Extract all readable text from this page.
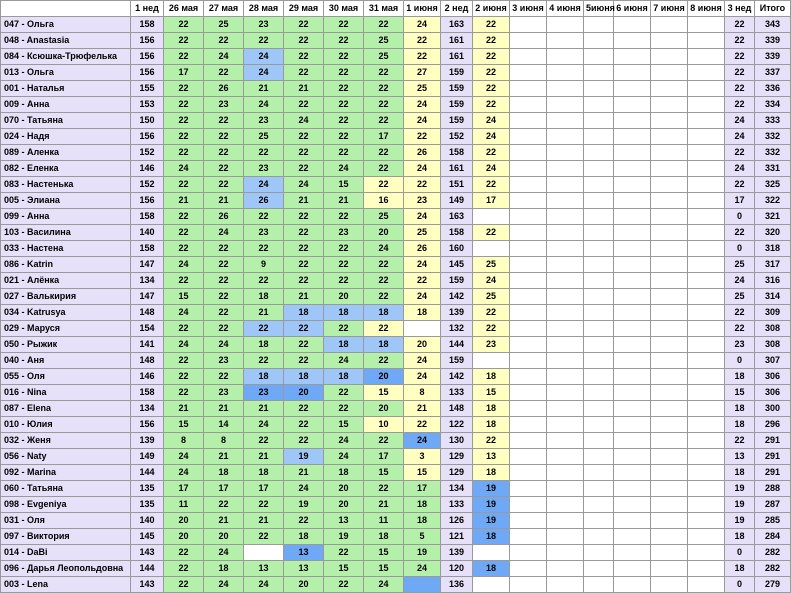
	1 нед	26 мая	27 мая	28 мая	29 мая	30 мая	31 мая	1 июня	2 нед	2 июня	3 июня	4 июня	5июня	6 июня	7 июня	8 июня	3 нед	Итого
047 - Ольга	158	22	25	23	22	22	22	24	163	22							22	343
048 - Anastasia	156	22	22	22	22	22	25	22	161	22							22	339
084 - Ксюшка-Трюфелька	156	22	24	24	22	22	25	22	161	22							22	339
013 - Ольга	156	17	22	24	22	22	22	27	159	22							22	337
001 - Наталья	155	22	26	21	21	22	22	25	159	22							22	336
009 - Анна	153	22	23	24	22	22	22	24	159	22							22	334
070 - Татьяна	150	22	22	23	24	22	22	24	159	24							24	333
024 - Надя	156	22	22	25	22	22	17	22	152	24							24	332
089 - Аленка	152	22	22	22	22	22	22	26	158	22							22	332
082 - Еленка	146	24	22	23	22	24	22	24	161	24							24	331
083 - Настенька	152	22	22	24	24	15	22	22	151	22							22	325
005 - Элиана	156	21	21	26	21	21	16	23	149	17							17	322
099 - Анна	158	22	26	22	22	22	25	24	163								0	321
103 - Василина	140	22	24	23	22	23	20	25	158	22							22	320
033 - Настена	158	22	22	22	22	22	24	26	160								0	318
086 - Katrin	147	24	22	9	22	22	22	24	145	25							25	317
021 - Алёнка	134	22	22	22	22	22	22	22	159	24							24	316
027 - Валькирия	147	15	22	18	21	20	22	24	142	25							25	314
034 - Katrusya	148	24	22	21	18	18	18	18	139	22							22	309
029 - Маруся	154	22	22	22	22	22	22		132	22							22	308
050 - Рыжик	141	24	24	18	22	18	18	20	144	23							23	308
040 - Аня	148	22	23	22	22	24	22	24	159								0	307
055 - Оля	146	22	22	18	18	18	20	24	142	18							18	306
016 - Nina	158	22	23	23	20	22	15	8	133	15							15	306
087 - Elena	134	21	21	21	22	22	20	21	148	18							18	300
010 - Юлия	156	15	14	24	22	15	10	22	122	18							18	296
032 - Женя	139	8	8	22	22	24	22	24	130	22							22	291
056 - Naty	149	24	21	21	19	24	17	3	129	13							13	291
092 - Marina	144	24	18	18	21	18	15	15	129	18							18	291
060 - Татьяна	135	17	17	17	24	20	22	17	134	19							19	288
098 - Evgeniya	135	11	22	22	19	20	21	18	133	19							19	287
031 - Оля	140	20	21	21	22	13	11	18	126	19							19	285
097 - Виктория	145	20	20	22	18	19	18	5	121	18							18	284
014 - DaBi	143	22	24		13	22	15	19	139								0	282
096 - Дарья Леопольдовна	144	22	18	13	13	15	15	24	120	18							18	282
003 - Lena	143	22	24	24	20	22	24		136								0	279
